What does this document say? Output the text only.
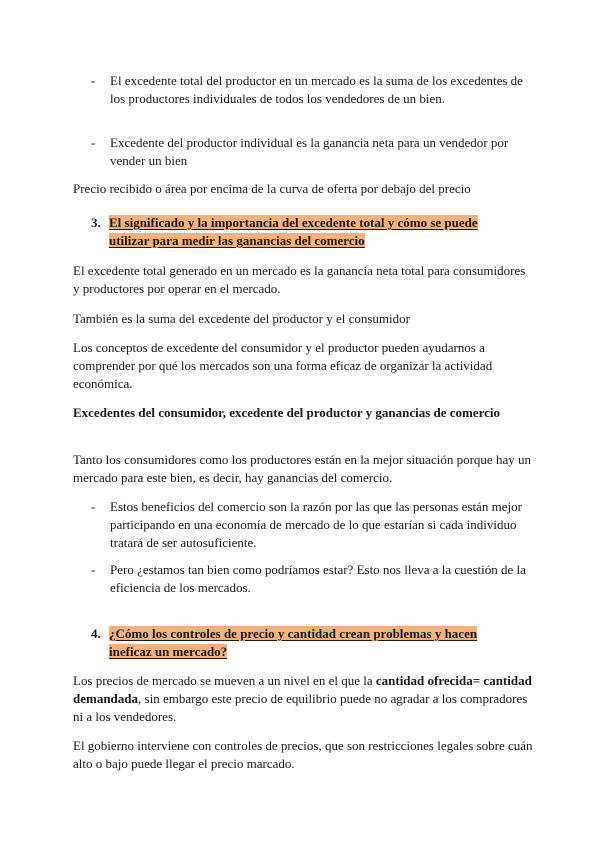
-	El excedente total del productor en un mercado es la suma de los excedentes de los productores individuales de todos los vendedores de un bien.
-	Excedente del productor individual es la ganancia neta para un vendedor por vender un bien

Precio recibido o área por encima de la curva de oferta por debajo del precio

3. El significado y la importancia del excedente total y cómo se puede
utilizar para medir las ganancias del comercio

El excedente total generado en un mercado es la ganancia neta total para consumidores y productores por operar en el mercado.

También es la suma del excedente del productor y el consumidor

Los conceptos de excedente del consumidor y el productor pueden ayudarnos a comprender por qué los mercados son una forma eficaz de organizar la actividad económica.

Excedentes del consumidor, excedente del productor y ganancias de comercio

Tanto los consumidores como los productores están en la mejor situación porque hay un mercado para este bien, es decir, hay ganancias del comercio.

-	Estos beneficios del comercio son la razón por las que las personas están mejor participando en una economía de mercado de lo que estarían si cada individuo tratará de ser autosuficiente.
-	Pero ¿estamos tan bien como podríamos estar? Esto nos lleva a la cuestión de la eficiencia de los mercados.
4. ¿Cómo los controles de precio y cantidad crean problemas y hacen
ineficaz un mercado?

Los precios de mercado se mueven a un nivel en el que la cantidad ofrecida= cantidad demandada, sin embargo este precio de equilibrio puede no agradar a los compradores ni a los vendedores.

El gobierno interviene con controles de precios, que son restricciones legales sobre cuán alto o bajo puede llegar el precio marcado.
